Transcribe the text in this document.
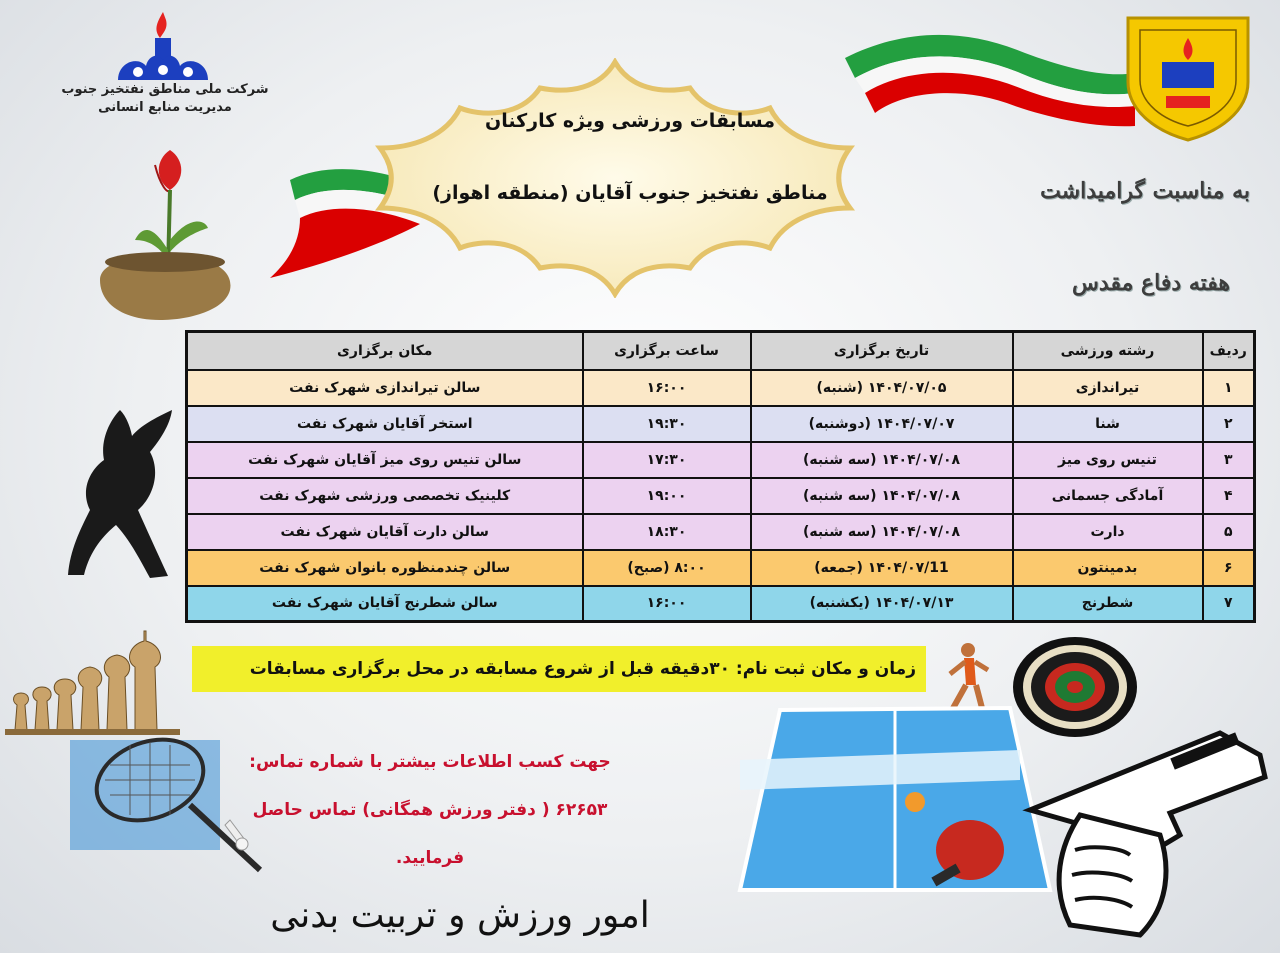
شرکت ملی مناطق نفتخیز جنوب
مدیریت منابع انسانی
☫
مسابقات ورزشی ویژه کارکنان
مناطق نفتخیز جنوب آقایان (منطقه اهواز)	به مناسبت گرامیداشت
هفته دفاع مقدس
ردیف	رشته ورزشی	تاریخ برگزاری	ساعت برگزاری	مکان برگزاری
۱	تیراندازی	۱۴۰۴/۰۷/۰۵ (شنبه)	۱۶:۰۰	سالن تیراندازی شهرک نفت
۲	شنا	۱۴۰۴/۰۷/۰۷ (دوشنبه)	۱۹:۳۰	استخر آقایان شهرک نفت
۳	تنیس روی میز	۱۴۰۴/۰۷/۰۸ (سه شنبه)	۱۷:۳۰	سالن تنیس روی میز آقایان شهرک نفت
۴	آمادگی جسمانی	۱۴۰۴/۰۷/۰۸ (سه شنبه)	۱۹:۰۰	کلینیک تخصصی ورزشی شهرک نفت
۵	دارت	۱۴۰۴/۰۷/۰۸ (سه شنبه)	۱۸:۳۰	سالن دارت آقایان شهرک نفت
۶	بدمینتون	۱۴۰۴/۰۷/11 (جمعه)	۸:۰۰ (صبح)	سالن چندمنظوره بانوان شهرک نفت
۷	شطرنج	۱۴۰۴/۰۷/۱۳ (یکشنبه)	۱۶:۰۰	سالن شطرنج آقایان شهرک نفت
زمان و مکان ثبت نام: ۳۰دقیقه قبل از شروع مسابقه در محل برگزاری مسابقات
جهت کسب اطلاعات بیشتر با شماره تماس:
۶۲۶۵۳ ( دفتر ورزش همگانی) تماس حاصل
فرمایید.
امور ورزش و تربیت بدنی
